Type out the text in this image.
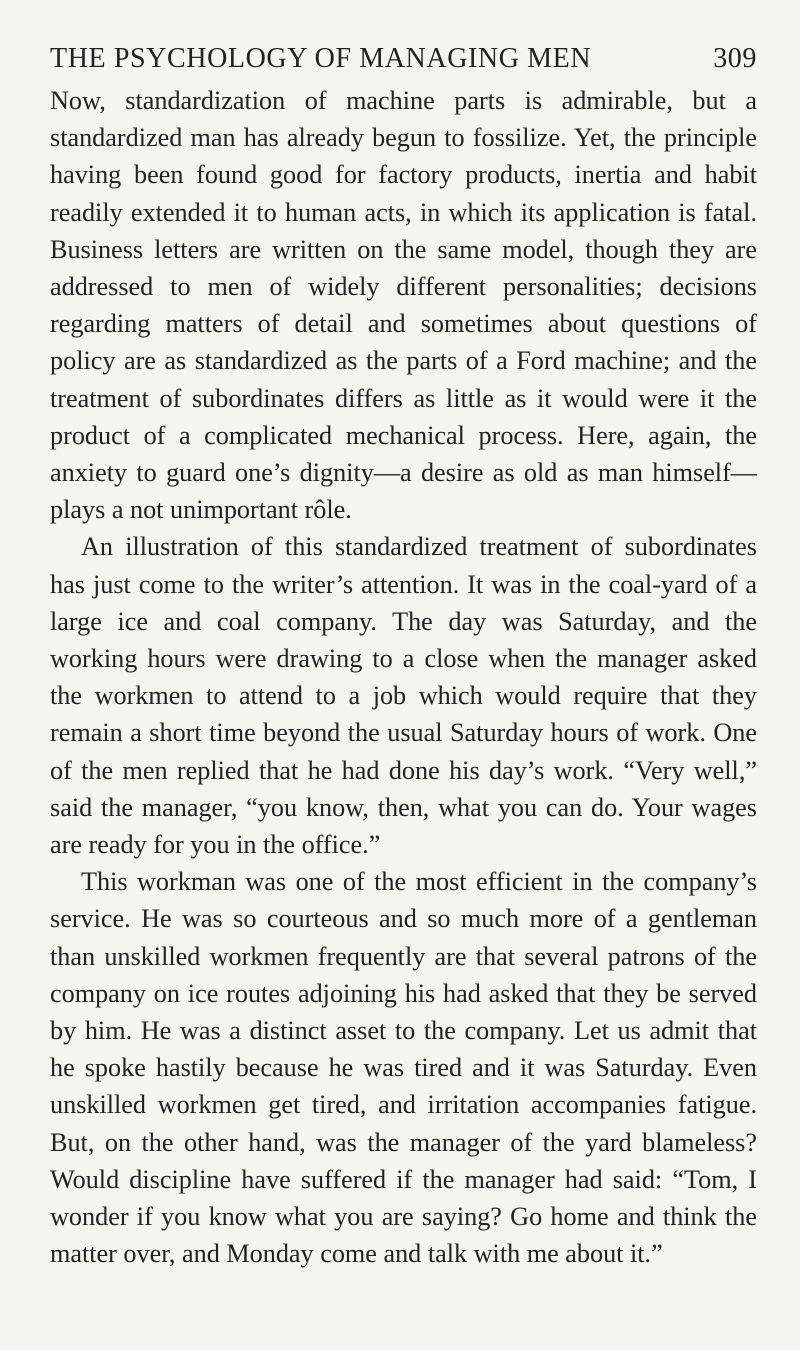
THE PSYCHOLOGY OF MANAGING MEN	309

Now, standardization of machine parts is admirable, but a standardized man has already begun to fossilize. Yet, the principle having been found good for factory products, inertia and habit readily extended it to human acts, in which its application is fatal. Business letters are written on the same model, though they are addressed to men of widely different personalities; decisions regarding matters of detail and sometimes about questions of policy are as standardized as the parts of a Ford machine; and the treatment of subordinates differs as little as it would were it the product of a complicated mechanical process. Here, again, the anxiety to guard one’s dignity—a desire as old as man himself—plays a not unimportant rôle.

An illustration of this standardized treatment of subordinates has just come to the writer’s attention. It was in the coal-yard of a large ice and coal company. The day was Saturday, and the working hours were drawing to a close when the manager asked the workmen to attend to a job which would require that they remain a short time beyond the usual Saturday hours of work. One of the men replied that he had done his day’s work. “Very well,” said the manager, “you know, then, what you can do. Your wages are ready for you in the office.”

This workman was one of the most efficient in the company’s service. He was so courteous and so much more of a gentleman than unskilled workmen frequently are that several patrons of the company on ice routes adjoining his had asked that they be served by him. He was a distinct asset to the company. Let us admit that he spoke hastily because he was tired and it was Saturday. Even unskilled workmen get tired, and irritation accompanies fatigue. But, on the other hand, was the manager of the yard blameless? Would discipline have suffered if the manager had said: “Tom, I wonder if you know what you are saying? Go home and think the matter over, and Monday come and talk with me about it.”
